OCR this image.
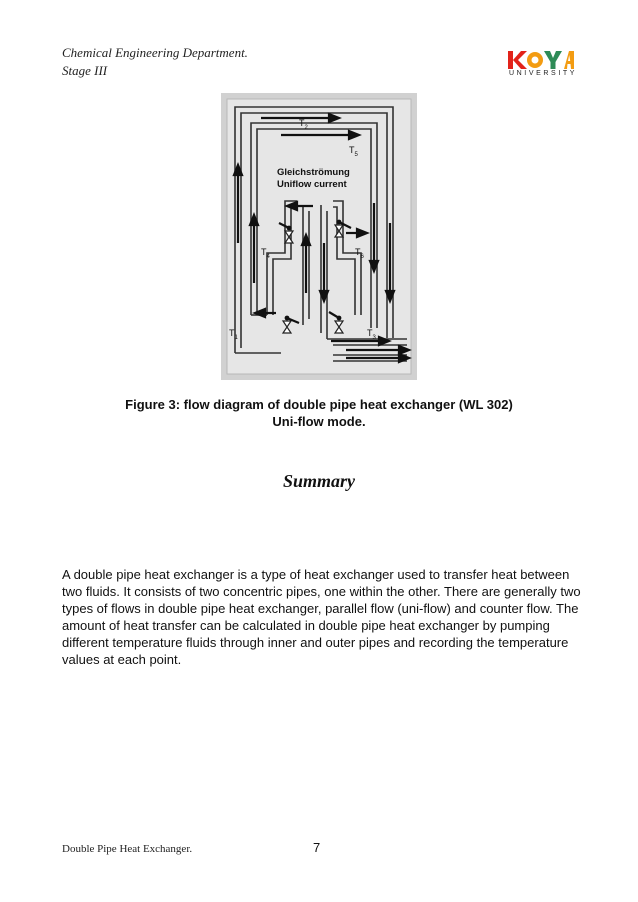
Chemical Engineering Department.
Stage III	UNIVERSITY
$T_2$
$T_5$
Gleichströmung
Uniflow current
$T_4$	$T_6$
$T_1$	$T_3$
Figure 3: flow diagram of double pipe heat exchanger (WL 302)
Uni-flow mode.
Summary
A double pipe heat exchanger is a type of heat exchanger used to transfer heat between two fluids. It consists of two concentric pipes, one within the other. There are generally two types of flows in double pipe heat exchanger, parallel flow (uni-flow) and counter flow. The amount of heat transfer can be calculated in double pipe heat exchanger by pumping different temperature fluids through inner and outer pipes and recording the temperature values at each point.
Double Pipe Heat Exchanger.	7
